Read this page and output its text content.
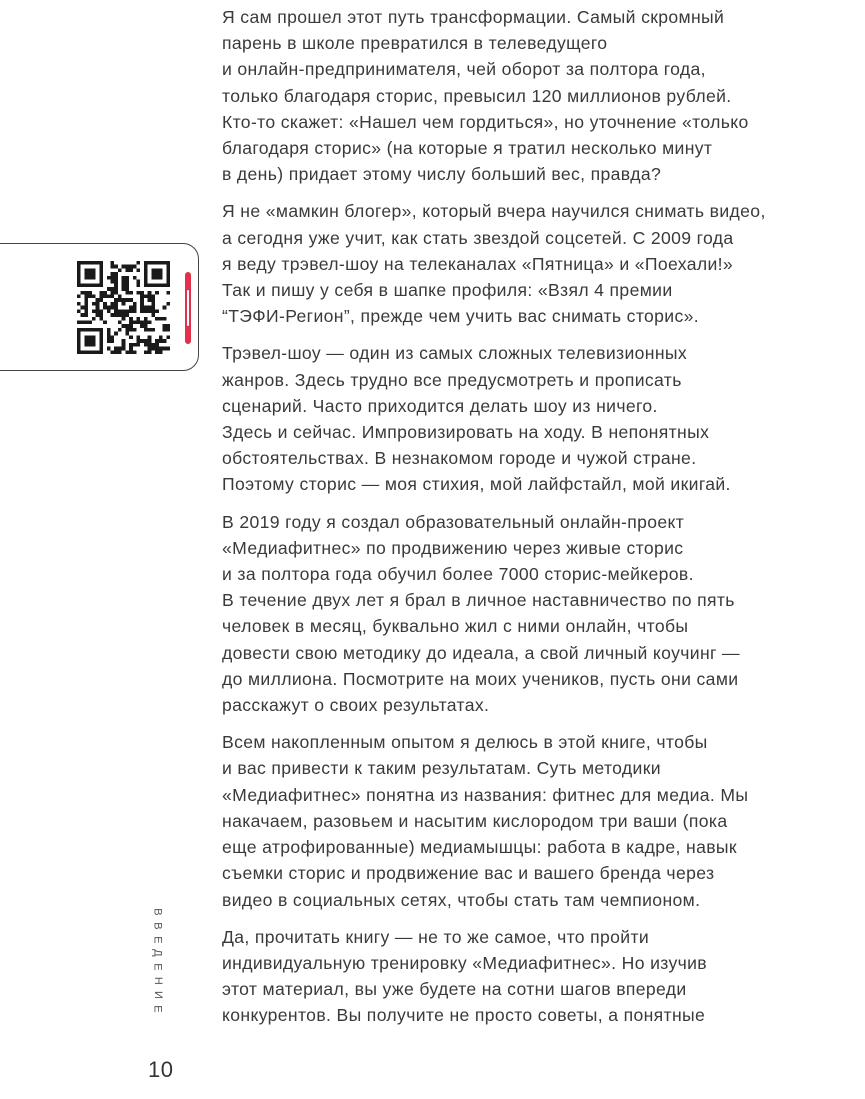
Я сам прошел этот путь трансформации. Самый скромный
парень в школе превратился в телеведущего
и онлайн-предпринимателя, чей оборот за полтора года,
только благодаря сторис, превысил 120 миллионов рублей.
Кто-то скажет: «Нашел чем гордиться», но уточнение «только
благодаря сторис» (на которые я тратил несколько минут
в день) придает этому числу больший вес, правда?

Я не «мамкин блогер», который вчера научился снимать видео,
а сегодня уже учит, как стать звездой соцсетей. С 2009 года
я веду трэвел-шоу на телеканалах «Пятница» и «Поехали!»
Так и пишу у себя в шапке профиля: «Взял 4 премии
“ТЭФИ-Регион”, прежде чем учить вас снимать сторис».

Трэвел-шоу — один из самых сложных телевизионных
жанров. Здесь трудно все предусмотреть и прописать
сценарий. Часто приходится делать шоу из ничего.
Здесь и сейчас. Импровизировать на ходу. В непонятных
обстоятельствах. В незнакомом городе и чужой стране.
Поэтому сторис — моя стихия, мой лайфстайл, мой икигай.

В 2019 году я создал образовательный онлайн-проект
«Медиафитнес» по продвижению через живые сторис
и за полтора года обучил более 7000 сторис-мейкеров.
В течение двух лет я брал в личное наставничество по пять
человек в месяц, буквально жил с ними онлайн, чтобы
довести свою методику до идеала, а свой личный коучинг —
до миллиона. Посмотрите на моих учеников, пусть они сами
расскажут о своих результатах.

Всем накопленным опытом я делюсь в этой книге, чтобы
и вас привести к таким результатам. Суть методики
«Медиафитнес» понятна из названия: фитнес для медиа. Мы
накачаем, разовьем и насытим кислородом три ваши (пока
еще атрофированные) медиамышцы: работа в кадре, навык
съемки сторис и продвижение вас и вашего бренда через
видео в социальных сетях, чтобы стать там чемпионом.

Да, прочитать книгу — не то же самое, что пройти
индивидуальную тренировку «Медиафитнес». Но изучив
этот материал, вы уже будете на сотни шагов впереди
конкурентов. Вы получите не просто советы, а понятные

В
В
Е
Д
Е
Н
И
Е
10
